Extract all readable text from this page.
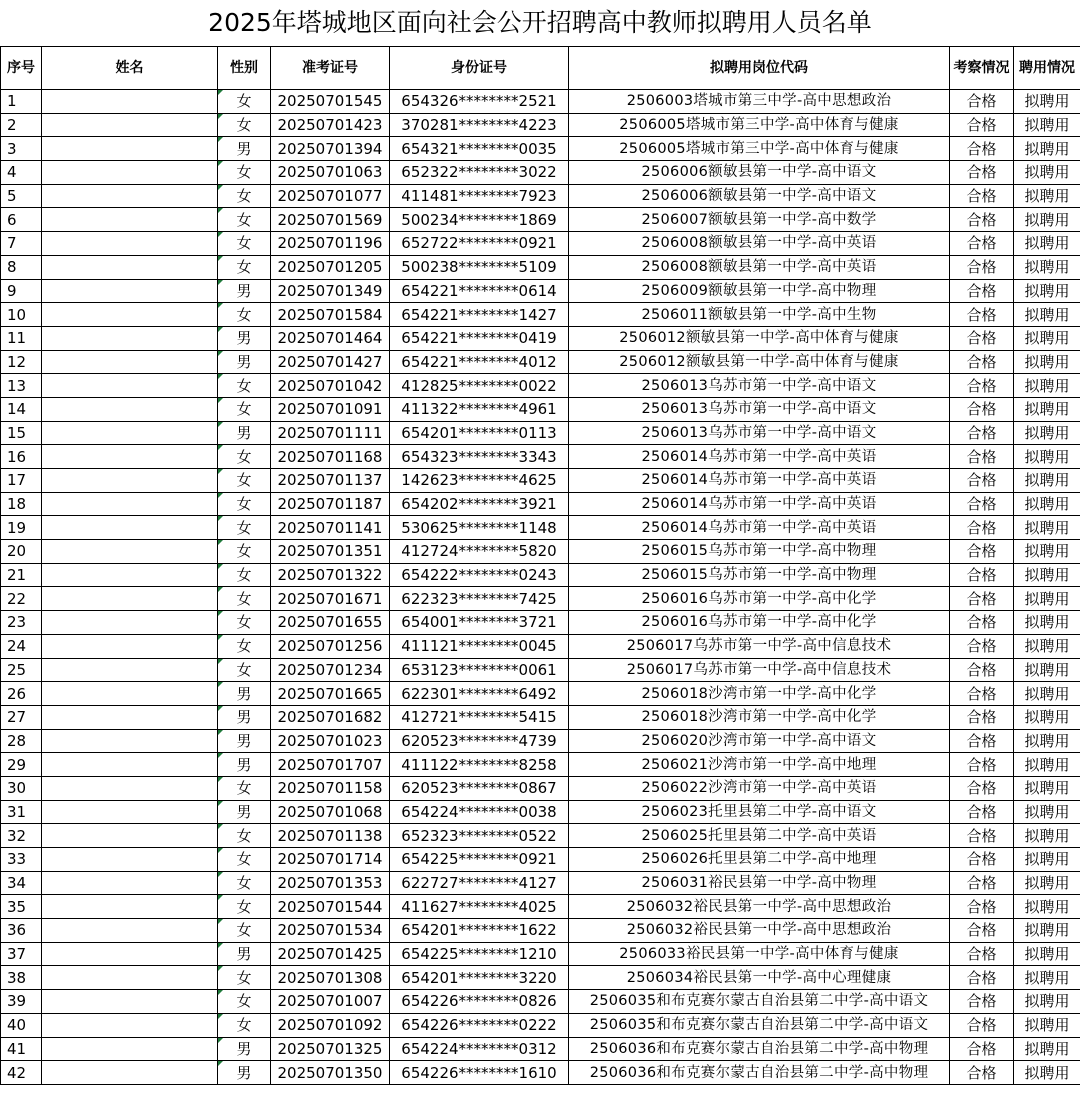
2025年塔城地区面向社会公开招聘高中教师拟聘用人员名单
序号	姓名	性别	准考证号	身份证号	拟聘用岗位代码	考察情况	聘用情况
1		女	20250701545	654326********2521	2506003塔城市第三中学-高中思想政治	合格	拟聘用
2		女	20250701423	370281********4223	2506005塔城市第三中学-高中体育与健康	合格	拟聘用
3		男	20250701394	654321********0035	2506005塔城市第三中学-高中体育与健康	合格	拟聘用
4		女	20250701063	652322********3022	2506006额敏县第一中学-高中语文	合格	拟聘用
5		女	20250701077	411481********7923	2506006额敏县第一中学-高中语文	合格	拟聘用
6		女	20250701569	500234********1869	2506007额敏县第一中学-高中数学	合格	拟聘用
7		女	20250701196	652722********0921	2506008额敏县第一中学-高中英语	合格	拟聘用
8		女	20250701205	500238********5109	2506008额敏县第一中学-高中英语	合格	拟聘用
9		男	20250701349	654221********0614	2506009额敏县第一中学-高中物理	合格	拟聘用
10		女	20250701584	654221********1427	2506011额敏县第一中学-高中生物	合格	拟聘用
11		男	20250701464	654221********0419	2506012额敏县第一中学-高中体育与健康	合格	拟聘用
12		男	20250701427	654221********4012	2506012额敏县第一中学-高中体育与健康	合格	拟聘用
13		女	20250701042	412825********0022	2506013乌苏市第一中学-高中语文	合格	拟聘用
14		女	20250701091	411322********4961	2506013乌苏市第一中学-高中语文	合格	拟聘用
15		男	20250701111	654201********0113	2506013乌苏市第一中学-高中语文	合格	拟聘用
16		女	20250701168	654323********3343	2506014乌苏市第一中学-高中英语	合格	拟聘用
17		女	20250701137	142623********4625	2506014乌苏市第一中学-高中英语	合格	拟聘用
18		女	20250701187	654202********3921	2506014乌苏市第一中学-高中英语	合格	拟聘用
19		女	20250701141	530625********1148	2506014乌苏市第一中学-高中英语	合格	拟聘用
20		女	20250701351	412724********5820	2506015乌苏市第一中学-高中物理	合格	拟聘用
21		女	20250701322	654222********0243	2506015乌苏市第一中学-高中物理	合格	拟聘用
22		女	20250701671	622323********7425	2506016乌苏市第一中学-高中化学	合格	拟聘用
23		女	20250701655	654001********3721	2506016乌苏市第一中学-高中化学	合格	拟聘用
24		女	20250701256	411121********0045	2506017乌苏市第一中学-高中信息技术	合格	拟聘用
25		女	20250701234	653123********0061	2506017乌苏市第一中学-高中信息技术	合格	拟聘用
26		男	20250701665	622301********6492	2506018沙湾市第一中学-高中化学	合格	拟聘用
27		男	20250701682	412721********5415	2506018沙湾市第一中学-高中化学	合格	拟聘用
28		男	20250701023	620523********4739	2506020沙湾市第一中学-高中语文	合格	拟聘用
29		男	20250701707	411122********8258	2506021沙湾市第一中学-高中地理	合格	拟聘用
30		女	20250701158	620523********0867	2506022沙湾市第一中学-高中英语	合格	拟聘用
31		男	20250701068	654224********0038	2506023托里县第二中学-高中语文	合格	拟聘用
32		女	20250701138	652323********0522	2506025托里县第二中学-高中英语	合格	拟聘用
33		女	20250701714	654225********0921	2506026托里县第二中学-高中地理	合格	拟聘用
34		女	20250701353	622727********4127	2506031裕民县第一中学-高中物理	合格	拟聘用
35		女	20250701544	411627********4025	2506032裕民县第一中学-高中思想政治	合格	拟聘用
36		女	20250701534	654201********1622	2506032裕民县第一中学-高中思想政治	合格	拟聘用
37		男	20250701425	654225********1210	2506033裕民县第一中学-高中体育与健康	合格	拟聘用
38		女	20250701308	654201********3220	2506034裕民县第一中学-高中心理健康	合格	拟聘用
39		女	20250701007	654226********0826	2506035和布克赛尔蒙古自治县第二中学-高中语文	合格	拟聘用
40		女	20250701092	654226********0222	2506035和布克赛尔蒙古自治县第二中学-高中语文	合格	拟聘用
41		男	20250701325	654224********0312	2506036和布克赛尔蒙古自治县第二中学-高中物理	合格	拟聘用
42		男	20250701350	654226********1610	2506036和布克赛尔蒙古自治县第二中学-高中物理	合格	拟聘用
